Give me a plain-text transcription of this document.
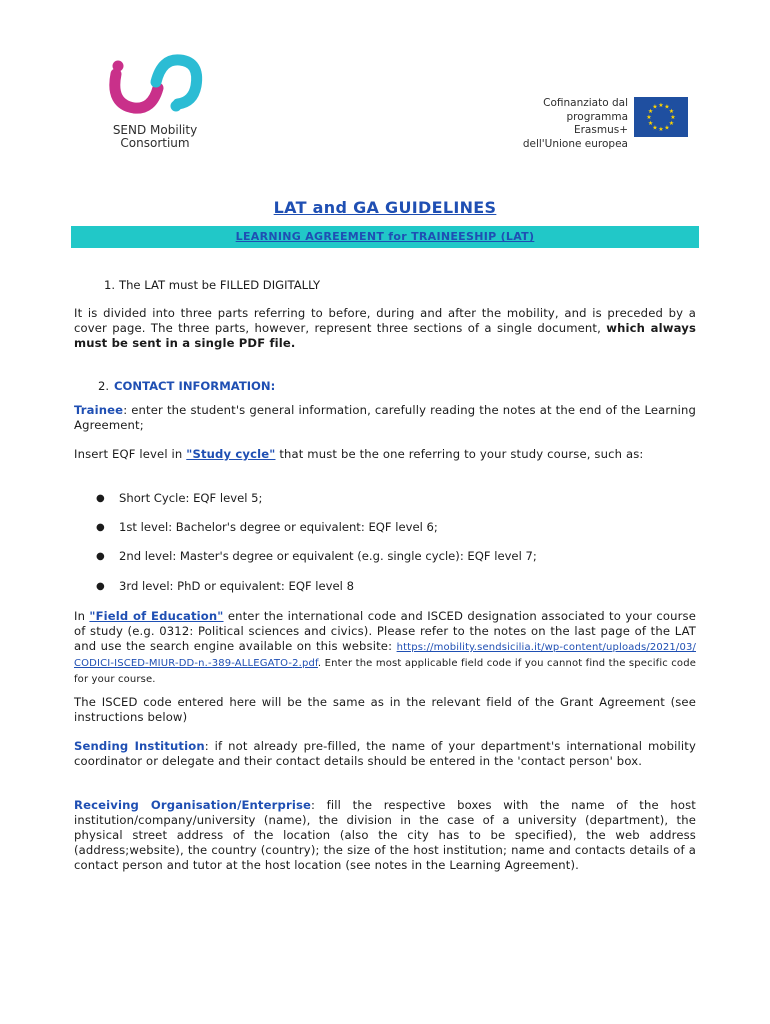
SEND Mobility
Consortium
Cofinanziato dal
programma Erasmus+
dell'Unione europea
★ ★
★
★
★
★
★
★
★
★
★
★
LAT and GA GUIDELINES
LEARNING AGREEMENT for TRAINEESHIP (LAT)
1. The LAT must be FILLED DIGITALLY

It is divided into three parts referring to before, during and after the mobility, and is preceded by a cover page. The three parts, however, represent three sections of a single document, which always must be sent in a single PDF file.

2. CONTACT INFORMATION:

Trainee: enter the student's general information, carefully reading the notes at the end of the Learning Agreement;

Insert EQF level in "Study cycle" that must be the one referring to your study course, such as:

● Short Cycle: EQF level 5;
● 1st level: Bachelor's degree or equivalent: EQF level 6;
● 2nd level: Master's degree or equivalent (e.g. single cycle): EQF level 7;
● 3rd level: PhD or equivalent: EQF level 8

In "Field of Education" enter the international code and ISCED designation associated to your course of study (e.g. 0312: Political sciences and civics). Please refer to the notes on the last page of the LAT and use the search engine available on this website: https://mobility.sendsicilia.it/wp-content/uploads/2021/03/CODICI-ISCED-MIUR-DD-n.-389-ALLEGATO-2.pdf. Enter the most applicable field code if you cannot find the specific code for your course.

The ISCED code entered here will be the same as in the relevant field of the Grant Agreement (see instructions below)

Sending Institution: if not already pre-filled, the name of your department's international mobility coordinator or delegate and their contact details should be entered in the 'contact person' box.

Receiving Organisation/Enterprise: fill the respective boxes with the name of the host institution/company/university (name), the division in the case of a university (department), the physical street address of the location (also the city has to be specified), the web address (address;website), the country (country); the size of the host institution; name and contacts details of a contact person and tutor at the host location (see notes in the Learning Agreement).
